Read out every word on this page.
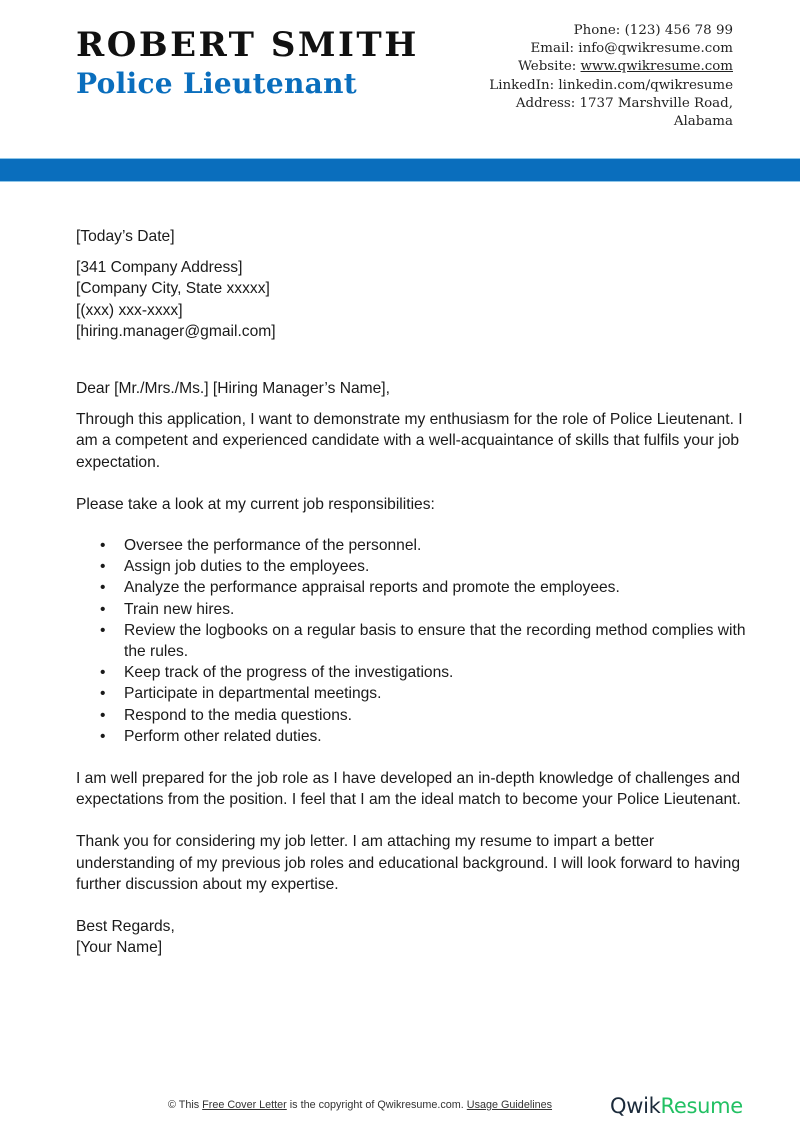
ROBERT SMITH
Police Lieutenant
Phone: (123) 456 78 99
Email: info@qwikresume.com
Website: www.qwikresume.com
LinkedIn: linkedin.com/qwikresume
Address: 1737 Marshville Road,
Alabama

[Today’s Date]

[341 Company Address]

[Company City, State xxxxx]

[(xxx) xxx-xxxx]

[hiring.manager@gmail.com]

Dear [Mr./Mrs./Ms.] [Hiring Manager’s Name],

Through this application, I want to demonstrate my enthusiasm for the role of Police Lieutenant. I am a competent and experienced candidate with a well-acquaintance of skills that fulfils your job expectation.

Please take a look at my current job responsibilities:

• Oversee the performance of the personnel.
• Assign job duties to the employees.
• Analyze the performance appraisal reports and promote the employees.
• Train new hires.
• Review the logbooks on a regular basis to ensure that the recording method complies with the rules.
• Keep track of the progress of the investigations.
• Participate in departmental meetings.
• Respond to the media questions.
• Perform other related duties.

I am well prepared for the job role as I have developed an in-depth knowledge of challenges and expectations from the position. I feel that I am the ideal match to become your Police Lieutenant.

Thank you for considering my job letter. I am attaching my resume to impart a better understanding of my previous job roles and educational background. I will look forward to having further discussion about my expertise.

Best Regards,

[Your Name]

© This Free Cover Letter is the copyright of Qwikresume.com. Usage Guidelines	QwikResume
